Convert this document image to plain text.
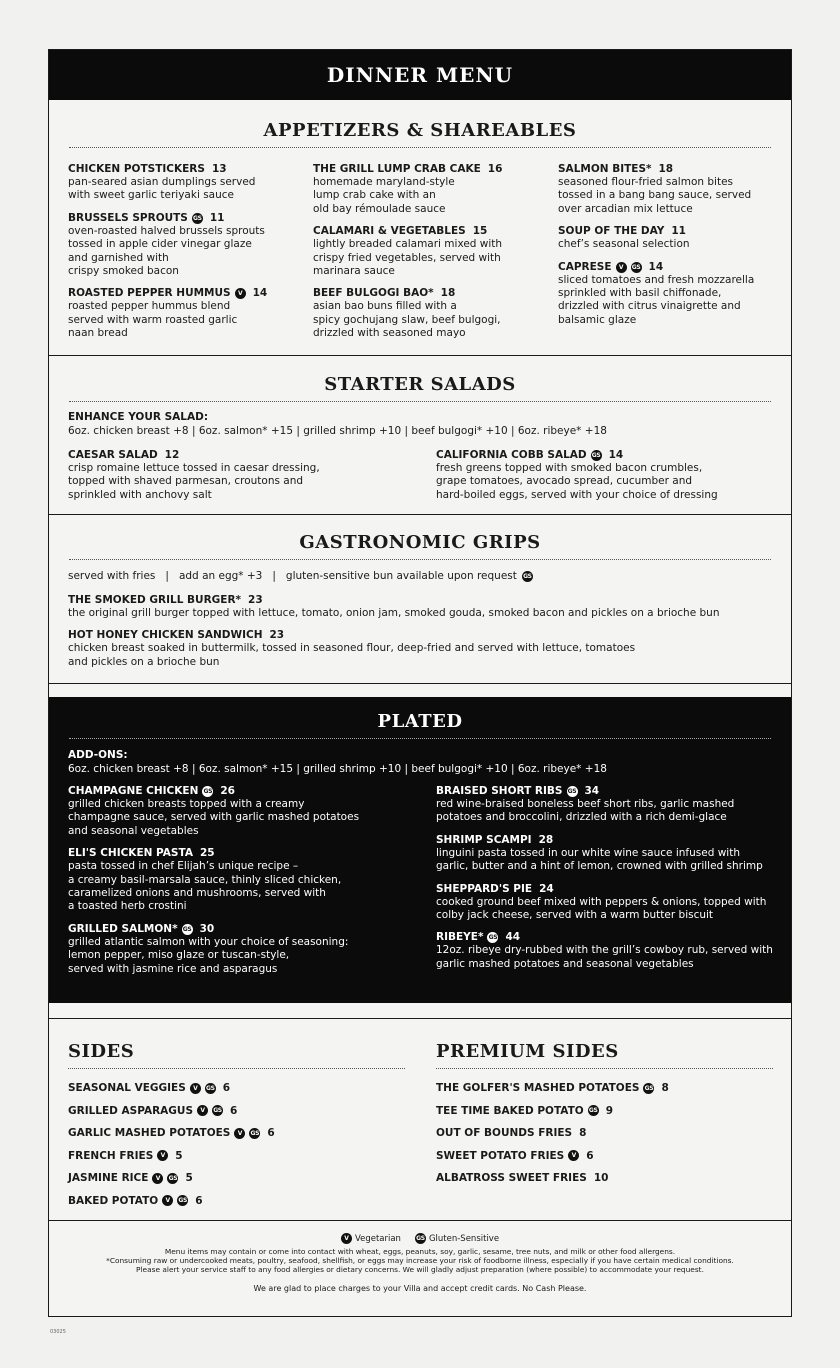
DINNER MENU
APPETIZERS & SHAREABLES
CHICKEN POTSTICKERS 13
pan-seared asian dumplings served
with sweet garlic teriyaki sauce
BRUSSELS SPROUTS GS 11
oven-roasted halved brussels sprouts
tossed in apple cider vinegar glaze
and garnished with
crispy smoked bacon
ROASTED PEPPER HUMMUS	V 14
roasted pepper hummus blend
served with warm roasted garlic
naan bread
THE GRILL LUMP CRAB CAKE 16
homemade maryland-style
lump crab cake with an
old bay rémoulade sauce
CALAMARI & VEGETABLES 15
lightly breaded calamari mixed with
crispy fried vegetables, served with
marinara sauce
BEEF BULGOGI BAO* 18
asian bao buns filled with a
spicy gochujang slaw, beef bulgogi,
drizzled with seasoned mayo
SALMON BITES* 18
seasoned flour-fried salmon bites
tossed in a bang bang sauce, served
over arcadian mix lettuce
SOUP OF THE DAY 11
chef’s seasonal selection
CAPRESE	V	GS 14
sliced tomatoes and fresh mozzarella
sprinkled with basil chiffonade,
drizzled with citrus vinaigrette and
balsamic glaze
STARTER SALADS
ENHANCE YOUR SALAD:
6oz. chicken breast +8 | 6oz. salmon* +15 | grilled shrimp +10 | beef bulgogi* +10 | 6oz. ribeye* +18
CAESAR SALAD 12
crisp romaine lettuce tossed in caesar dressing,
topped with shaved parmesan, croutons and
sprinkled with anchovy salt
CALIFORNIA COBB SALAD GS 14
fresh greens topped with smoked bacon crumbles,
grape tomatoes, avocado spread, cucumber and
hard-boiled eggs, served with your choice of dressing
GASTRONOMIC GRIPS
served with fries   |   add an egg* +3   |   gluten-sensitive bun available upon request GS
THE SMOKED GRILL BURGER* 23
the original grill burger topped with lettuce, tomato, onion jam, smoked gouda, smoked bacon and pickles on a brioche bun
HOT HONEY CHICKEN SANDWICH 23
chicken breast soaked in buttermilk, tossed in seasoned flour, deep-fried and served with lettuce, tomatoes
and pickles on a brioche bun
PLATED
ADD-ONS:
6oz. chicken breast +8 | 6oz. salmon* +15 | grilled shrimp +10 | beef bulgogi* +10 | 6oz. ribeye* +18
CHAMPAGNE CHICKEN GS 26
grilled chicken breasts topped with a creamy
champagne sauce, served with garlic mashed potatoes
and seasonal vegetables
ELI'S CHICKEN PASTA 25
pasta tossed in chef Elijah’s unique recipe –
a creamy basil-marsala sauce, thinly sliced chicken,
caramelized onions and mushrooms, served with
a toasted herb crostini
GRILLED SALMON* GS 30
grilled atlantic salmon with your choice of seasoning:
lemon pepper, miso glaze or tuscan-style,
served with jasmine rice and asparagus
BRAISED SHORT RIBS GS 34
red wine-braised boneless beef short ribs, garlic mashed
potatoes and broccolini, drizzled with a rich demi-glace
SHRIMP SCAMPI 28
linguini pasta tossed in our white wine sauce infused with
garlic, butter and a hint of lemon, crowned with grilled shrimp
SHEPPARD'S PIE 24
cooked ground beef mixed with peppers & onions, topped with
colby jack cheese, served with a warm butter biscuit
RIBEYE* GS 44
12oz. ribeye dry-rubbed with the grill’s cowboy rub, served with
garlic mashed potatoes and seasonal vegetables
SIDES
SEASONAL VEGGIES	V	GS 6
GRILLED ASPARAGUS	V	GS 6
GARLIC MASHED POTATOES	V	GS 6
FRENCH FRIES	V 5
JASMINE RICE	V	GS 5
BAKED POTATO	V	GS 6
PREMIUM SIDES
THE GOLFER'S MASHED POTATOES GS 8
TEE TIME BAKED POTATO GS 9
OUT OF BOUNDS FRIES 8
SWEET POTATO FRIES	V 6
ALBATROSS SWEET FRIES 10
V Vegetarian	GS Gluten-Sensitive
Menu items may contain or come into contact with wheat, eggs, peanuts, soy, garlic, sesame, tree nuts, and milk or other food allergens.
*Consuming raw or undercooked meats, poultry, seafood, shellfish, or eggs may increase your risk of foodborne illness, especially if you have certain medical conditions.
Please alert your service staff to any food allergies or dietary concerns. We will gladly adjust preparation (where possible) to accommodate your request.
We are glad to place charges to your Villa and accept credit cards. No Cash Please.
03025
